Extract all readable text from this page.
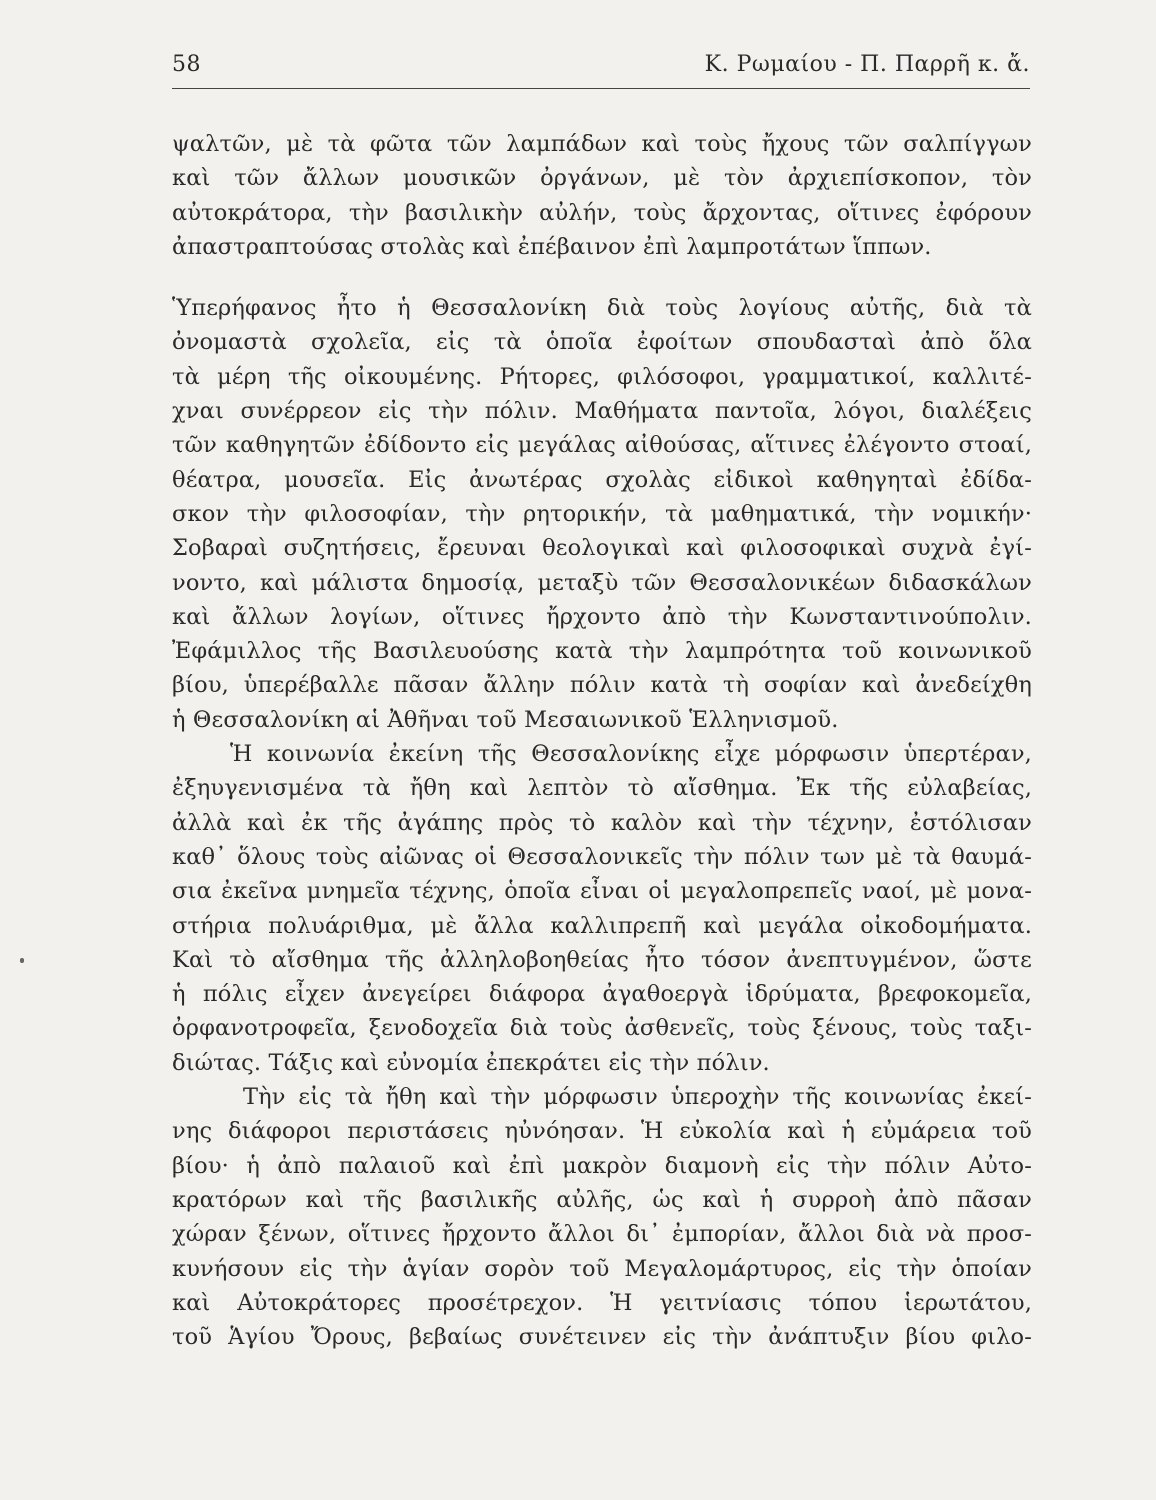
58	Κ. Ρωμαίου - Π. Παρρῆ κ. ἄ.
ψαλτῶν, μὲ τὰ φῶτα τῶν λαμπάδων καὶ τοὺς ἤχους τῶν σαλπίγγων
καὶ τῶν ἄλλων μουσικῶν ὀργάνων, μὲ τὸν ἀρχιεπίσκοπον, τὸν
αὐτοκράτορα, τὴν βασιλικὴν αὐλήν, τοὺς ἄρχοντας, οἵτινες ἐφόρουν
ἀπαστραπτούσας στολὰς καὶ ἐπέβαινον ἐπὶ λαμπροτάτων ἵππων.
Ὑπερήφανος ἦτο ἡ Θεσσαλονίκη διὰ τοὺς λογίους αὐτῆς, διὰ τὰ
ὀνομαστὰ σχολεῖα, εἰς τὰ ὁποῖα ἐφοίτων σπουδασταὶ ἀπὸ ὅλα
τὰ μέρη τῆς οἰκουμένης. Ρήτορες, φιλόσοφοι, γραμματικοί, καλλιτέ-
χναι συνέρρεον εἰς τὴν πόλιν. Μαθήματα παντοῖα, λόγοι, διαλέξεις
τῶν καθηγητῶν ἐδίδοντο εἰς μεγάλας αἰθούσας, αἵτινες ἐλέγοντο στοαί,
θέατρα, μουσεῖα. Εἰς ἀνωτέρας σχολὰς εἰδικοὶ καθηγηταὶ ἐδίδα-
σκον τὴν φιλοσοφίαν, τὴν ρητορικήν, τὰ μαθηματικά, τὴν νομικήν·
Σοβαραὶ συζητήσεις, ἔρευναι θεολογικαὶ καὶ φιλοσοφικαὶ συχνὰ ἐγί-
νοντο, καὶ μάλιστα δημοσίᾳ, μεταξὺ τῶν Θεσσαλονικέων διδασκάλων
καὶ ἄλλων λογίων, οἵτινες ἤρχοντο ἀπὸ τὴν Κωνσταντινούπολιν.
Ἐφάμιλλος τῆς Βασιλευούσης κατὰ τὴν λαμπρότητα τοῦ κοινωνικοῦ
βίου, ὑπερέβαλλε πᾶσαν ἄλλην πόλιν κατὰ τὴ σοφίαν καὶ ἀνεδείχθη
ἡ Θεσσαλονίκη αἱ Ἀθῆναι τοῦ Μεσαιωνικοῦ Ἑλληνισμοῦ.
Ἡ κοινωνία ἐκείνη τῆς Θεσσαλονίκης εἶχε μόρφωσιν ὑπερτέραν,
ἐξηυγενισμένα τὰ ἤθη καὶ λεπτὸν τὸ αἴσθημα. Ἐκ τῆς εὐλαβείας,
ἀλλὰ καὶ ἐκ τῆς ἀγάπης πρὸς τὸ καλὸν καὶ τὴν τέχνην, ἐστόλισαν
καθ᾽ ὅλους τοὺς αἰῶνας οἱ Θεσσαλονικεῖς τὴν πόλιν των μὲ τὰ θαυμά-
σια ἐκεῖνα μνημεῖα τέχνης, ὁποῖα εἶναι οἱ μεγαλοπρεπεῖς ναοί, μὲ μονα-
στήρια πολυάριθμα, μὲ ἄλλα καλλιπρεπῆ καὶ μεγάλα οἰκοδομήματα.
Καὶ τὸ αἴσθημα τῆς ἀλληλοβοηθείας ἦτο τόσον ἀνεπτυγμένον, ὥστε
ἡ πόλις εἶχεν ἀνεγείρει διάφορα ἀγαθοεργὰ ἱδρύματα, βρεφοκομεῖα,
ὀρφανοτροφεῖα, ξενοδοχεῖα διὰ τοὺς ἀσθενεῖς, τοὺς ξένους, τοὺς ταξι-
διώτας. Τάξις καὶ εὐνομία ἐπεκράτει εἰς τὴν πόλιν.
Τὴν εἰς τὰ ἤθη καὶ τὴν μόρφωσιν ὑπεροχὴν τῆς κοινωνίας ἐκεί-
νης διάφοροι περιστάσεις ηὐνόησαν. Ἡ εὐκολία καὶ ἡ εὐμάρεια τοῦ
βίου· ἡ ἀπὸ παλαιοῦ καὶ ἐπὶ μακρὸν διαμονὴ εἰς τὴν πόλιν Αὐτο-
κρατόρων καὶ τῆς βασιλικῆς αὐλῆς, ὡς καὶ ἡ συρροὴ ἀπὸ πᾶσαν
χώραν ξένων, οἵτινες ἤρχοντο ἄλλοι δι᾽ ἐμπορίαν, ἄλλοι διὰ νὰ προσ-
κυνήσουν εἰς τὴν ἁγίαν σορὸν τοῦ Μεγαλομάρτυρος, εἰς τὴν ὁποίαν
καὶ Αὐτοκράτορες προσέτρεχον. Ἡ γειτνίασις τόπου ἱερωτάτου,
τοῦ Ἁγίου Ὄρους, βεβαίως συνέτεινεν εἰς τὴν ἀνάπτυξιν βίου φιλο-
